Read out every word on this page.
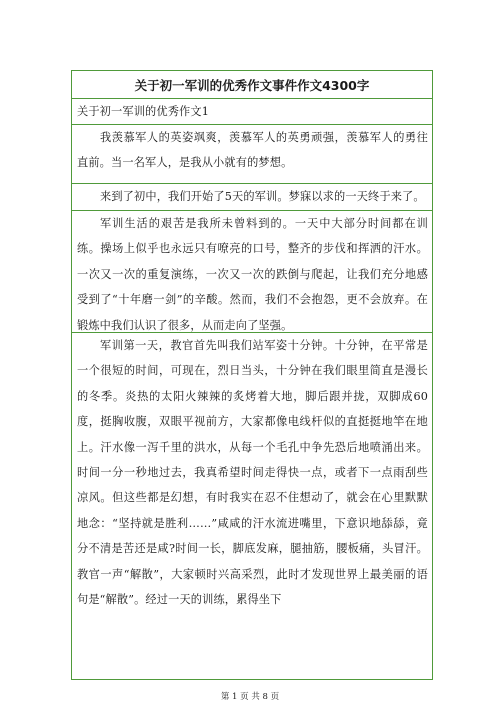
关于初一军训的优秀作文事件作文4300字
关于初一军训的优秀作文1
我羡慕军人的英姿飒爽，羡慕军人的英勇顽强，羡慕军人的勇往直前。当一名军人，是我从小就有的梦想。
来到了初中，我们开始了5天的军训。梦寐以求的一天终于来了。
军训生活的艰苦是我所未曾料到的。一天中大部分时间都在训练。操场上似乎也永远只有嘹亮的口号，整齐的步伐和挥洒的汗水。一次又一次的重复演练，一次又一次的跌倒与爬起，让我们充分地感受到了“十年磨一剑”的辛酸。然而，我们不会抱怨，更不会放弃。在锻炼中我们认识了很多，从而走向了坚强。
军训第一天，教官首先叫我们站军姿十分钟。十分钟，在平常是一个很短的时间，可现在，烈日当头，十分钟在我们眼里简直是漫长的冬季。炎热的太阳火辣辣的炙烤着大地，脚后跟并拢，双脚成60度，挺胸收腹，双眼平视前方，大家都像电线杆似的直挺挺地竿在地上。汗水像一泻千里的洪水，从每一个毛孔中争先恐后地喷涌出来。时间一分一秒地过去，我真希望时间走得快一点，或者下一点雨刮些凉风。但这些都是幻想，有时我实在忍不住想动了，就会在心里默默地念：“坚持就是胜利……”咸咸的汗水流进嘴里，下意识地舔舔，竟分不清是苦还是咸?时间一长，脚底发麻，腿抽筋，腰板痛，头冒汗。教官一声“解散”，大家顿时兴高采烈，此时才发现世界上最美丽的语句是“解散”。经过一天的训练，累得坐下
第 1 页 共 8 页
